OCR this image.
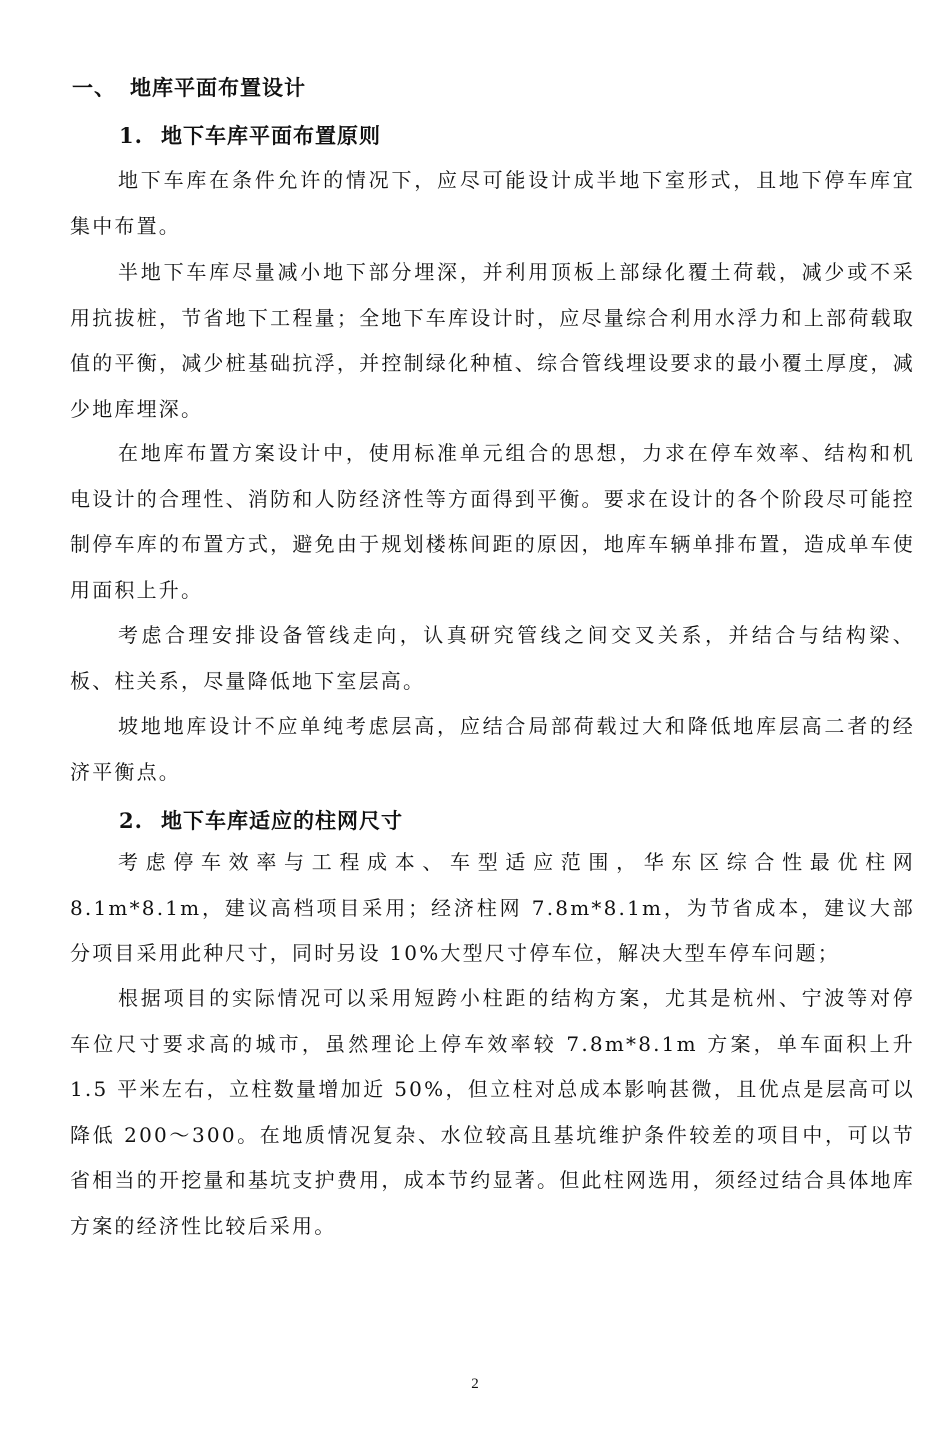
一、 地库平面布置设计
1. 地下车库平面布置原则

地下车库在条件允许的情况下，应尽可能设计成半地下室形式，且地下停车库宜集中布置。

半地下车库尽量减小地下部分埋深，并利用顶板上部绿化覆土荷载，减少或不采用抗拔桩，节省地下工程量；全地下车库设计时，应尽量综合利用水浮力和上部荷载取值的平衡，减少桩基础抗浮，并控制绿化种植、综合管线埋设要求的最小覆土厚度，减少地库埋深。

在地库布置方案设计中，使用标准单元组合的思想，力求在停车效率、结构和机电设计的合理性、消防和人防经济性等方面得到平衡。要求在设计的各个阶段尽可能控制停车库的布置方式，避免由于规划楼栋间距的原因，地库车辆单排布置，造成单车使用面积上升。

考虑合理安排设备管线走向，认真研究管线之间交叉关系，并结合与结构梁、板、柱关系，尽量降低地下室层高。

坡地地库设计不应单纯考虑层高，应结合局部荷载过大和降低地库层高二者的经济平衡点。

2. 地下车库适应的柱网尺寸

考虑停车效率与工程成本、车型适应范围，华东区综合性最优柱网 8.1m*8.1m，建议高档项目采用；经济柱网 7.8m*8.1m，为节省成本，建议大部分项目采用此种尺寸，同时另设 10%大型尺寸停车位，解决大型车停车问题；

根据项目的实际情况可以采用短跨小柱距的结构方案，尤其是杭州、宁波等对停车位尺寸要求高的城市，虽然理论上停车效率较 7.8m*8.1m 方案，单车面积上升 1.5 平米左右，立柱数量增加近 50%，但立柱对总成本影响甚微，且优点是层高可以降低 200～300。在地质情况复杂、水位较高且基坑维护条件较差的项目中，可以节省相当的开挖量和基坑支护费用，成本节约显著。但此柱网选用，须经过结合具体地库方案的经济性比较后采用。

2
